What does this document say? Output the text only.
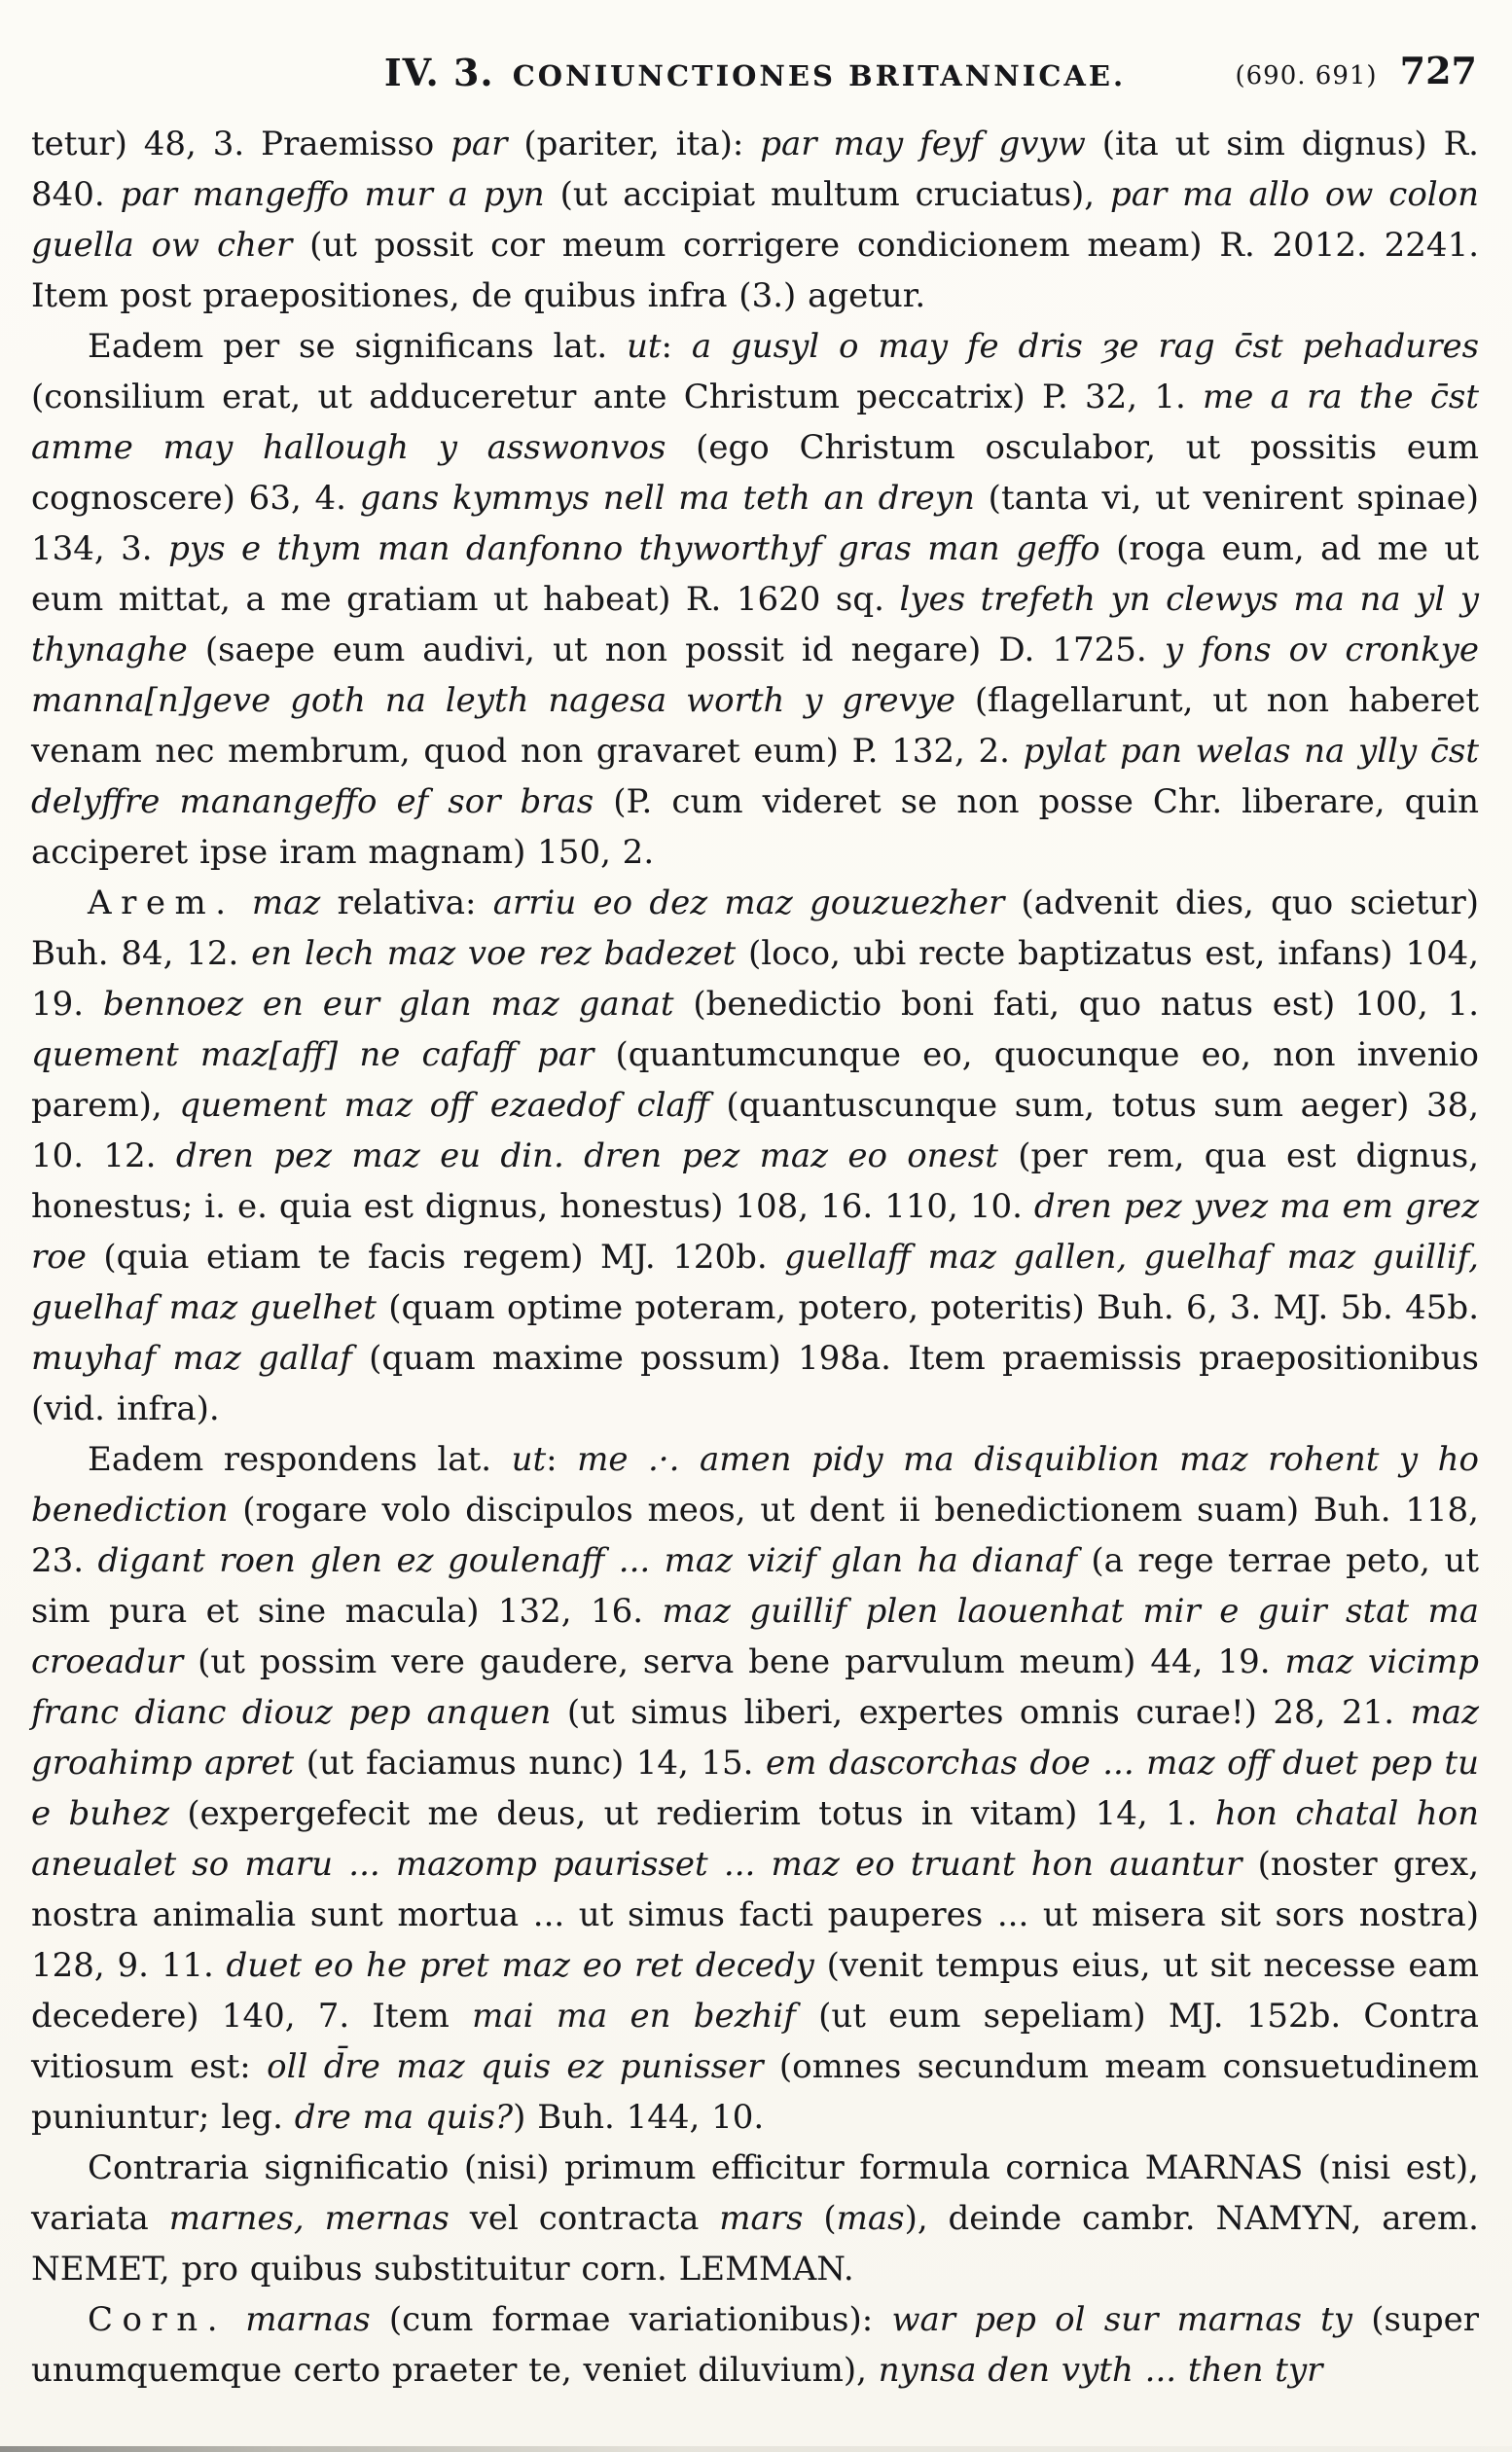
IV. 3. CONIUNCTIONES BRITANNICAE.	(690. 691) 727

tetur) 48, 3. Praemisso par (pariter, ita): par may feyf gvyw (ita ut sim dignus) R. 840. par mangeffo mur a pyn (ut accipiat multum cruciatus), par ma allo ow colon guella ow cher (ut possit cor meum corrigere condicionem meam) R. 2012. 2241. Item post praepositiones, de quibus infra (3.) agetur.

Eadem per se significans lat. ut: a gusyl o may fe dris ȝe rag c̄st pehadures (consilium erat, ut adduceretur ante Christum peccatrix) P. 32, 1. me a ra the c̄st amme may hallough y asswonvos (ego Christum osculabor, ut possitis eum cognoscere) 63, 4. gans kymmys nell ma teth an dreyn (tanta vi, ut venirent spinae) 134, 3. pys e thym man danfonno thyworthyf gras man geffo (roga eum, ad me ut eum mittat, a me gratiam ut habeat) R. 1620 sq. lyes trefeth yn clewys ma na yl y thynaghe (saepe eum audivi, ut non possit id negare) D. 1725. y fons ov cronkye manna[n]geve goth na leyth nagesa worth y grevye (flagellarunt, ut non haberet venam nec membrum, quod non gravaret eum) P. 132, 2. pylat pan welas na ylly c̄st delyffre manangeffo ef sor bras (P. cum videret se non posse Chr. liberare, quin acciperet ipse iram magnam) 150, 2.

Arem. maz relativa: arriu eo dez maz gouzuezher (advenit dies, quo scietur) Buh. 84, 12. en lech maz voe rez badezet (loco, ubi recte baptizatus est, infans) 104, 19. bennoez en eur glan maz ganat (benedictio boni fati, quo natus est) 100, 1. quement maz[aff] ne cafaff par (quantumcunque eo, quocunque eo, non invenio parem), quement maz off ezaedof claff (quantuscunque sum, totus sum aeger) 38, 10. 12. dren pez maz eu din. dren pez maz eo onest (per rem, qua est dignus, honestus; i. e. quia est dignus, honestus) 108, 16. 110, 10. dren pez yvez ma em grez roe (quia etiam te facis regem) MJ. 120b. guellaff maz gallen, guelhaf maz guillif, guelhaf maz guelhet (quam optime poteram, potero, poteritis) Buh. 6, 3. MJ. 5b. 45b. muyhaf maz gallaf (quam maxime possum) 198a. Item praemissis praepositionibus (vid. infra).

Eadem respondens lat. ut: me .·. amen pidy ma disquiblion maz rohent y ho benediction (rogare volo discipulos meos, ut dent ii benedictionem suam) Buh. 118, 23. digant roen glen ez goulenaff ... maz vizif glan ha dianaf (a rege terrae peto, ut sim pura et sine macula) 132, 16. maz guillif plen laouenhat mir e guir stat ma croeadur (ut possim vere gaudere, serva bene parvulum meum) 44, 19. maz vicimp franc dianc diouz pep anquen (ut simus liberi, expertes omnis curae!) 28, 21. maz groahimp apret (ut faciamus nunc) 14, 15. em dascorchas doe ... maz off duet pep tu e buhez (expergefecit me deus, ut redierim totus in vitam) 14, 1. hon chatal hon aneualet so maru ... mazomp paurisset ... maz eo truant hon auantur (noster grex, nostra animalia sunt mortua ... ut simus facti pauperes ... ut misera sit sors nostra) 128, 9. 11. duet eo he pret maz eo ret decedy (venit tempus eius, ut sit necesse eam decedere) 140, 7. Item mai ma en bezhif (ut eum sepeliam) MJ. 152b. Contra vitiosum est: oll d̄re maz quis ez punisser (omnes secundum meam consuetudinem puniuntur; leg. dre ma quis?) Buh. 144, 10.

Contraria significatio (nisi) primum efficitur formula cornica MARNAS (nisi est), variata marnes, mernas vel contracta mars (mas), deinde cambr. NAMYN, arem. NEMET, pro quibus substituitur corn. LEMMAN.

Corn. marnas (cum formae variationibus): war pep ol sur marnas ty (super unumquemque certo praeter te, veniet diluvium), nynsa den vyth ... then tyr
